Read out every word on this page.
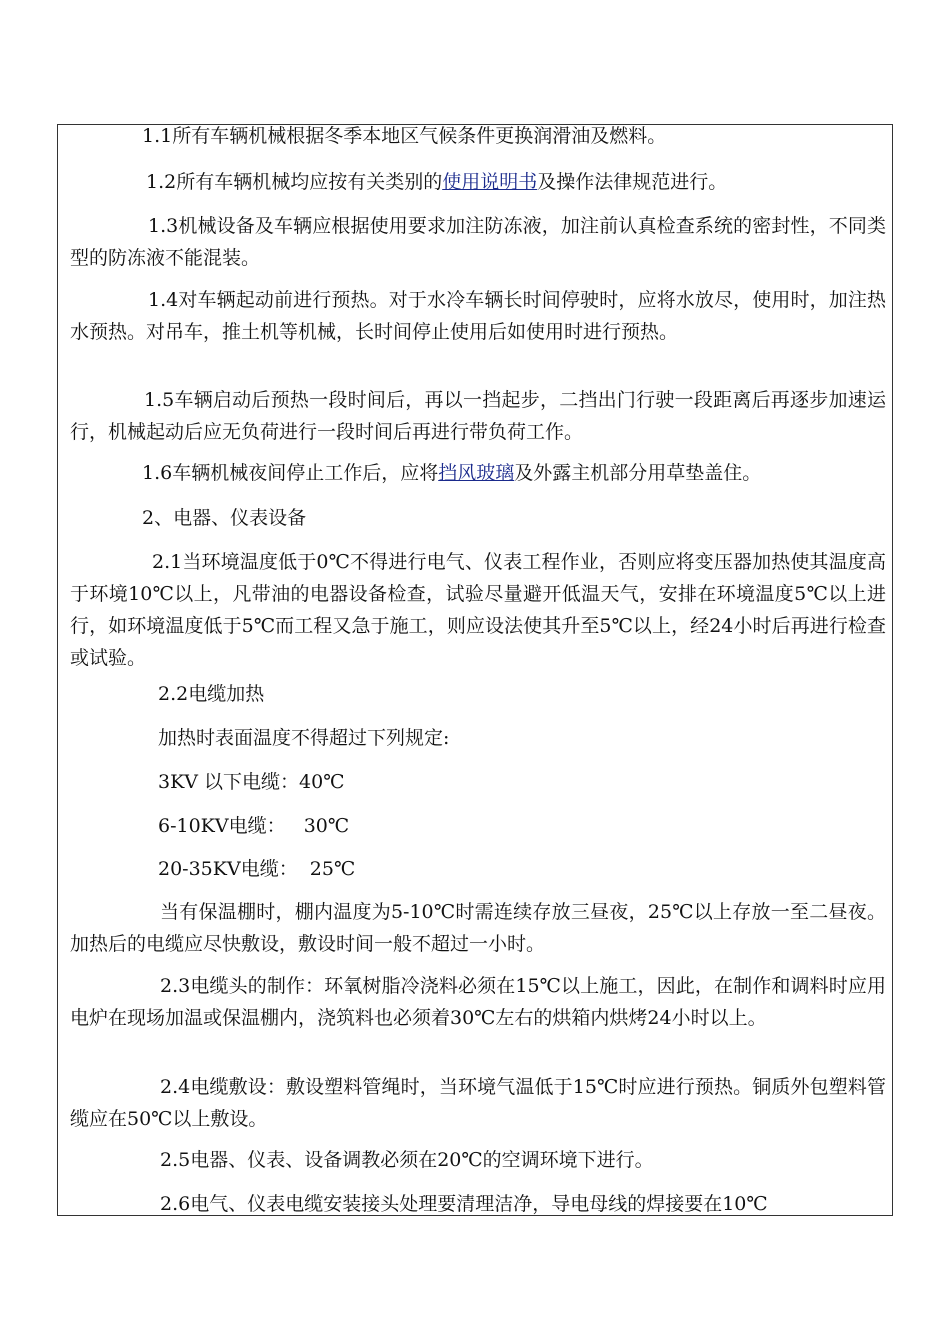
1.1所有车辆机械根据冬季本地区气候条件更换润滑油及燃料。

1.2所有车辆机械均应按有关类别的使用说明书及操作法律规范进行。

1.3机械设备及车辆应根据使用要求加注防冻液，加注前认真检查系统的密封性，不同类型的防冻液不能混装。

1.4对车辆起动前进行预热。对于水冷车辆长时间停驶时，应将水放尽，使用时，加注热水预热。对吊车，推土机等机械，长时间停止使用后如使用时进行预热。

1.5车辆启动后预热一段时间后，再以一挡起步，二挡出门行驶一段距离后再逐步加速运行，机械起动后应无负荷进行一段时间后再进行带负荷工作。

1.6车辆机械夜间停止工作后，应将挡风玻璃及外露主机部分用草垫盖住。

2、电器、仪表设备

2.1当环境温度低于0℃不得进行电气、仪表工程作业，否则应将变压器加热使其温度高于环境10℃以上，凡带油的电器设备检查，试验尽量避开低温天气，安排在环境温度5℃以上进行，如环境温度低于5℃而工程又急于施工，则应设法使其升至5℃以上，经24小时后再进行检查或试验。

2.2电缆加热

加热时表面温度不得超过下列规定:

3KV 以下电缆：40℃

6-10KV电缆：   30℃

20-35KV电缆：  25℃

当有保温棚时，棚内温度为5-10℃时需连续存放三昼夜，25℃以上存放一至二昼夜。加热后的电缆应尽快敷设，敷设时间一般不超过一小时。

2.3电缆头的制作：环氧树脂冷浇料必须在15℃以上施工，因此，在制作和调料时应用电炉在现场加温或保温棚内，浇筑料也必须着30℃左右的烘箱内烘烤24小时以上。

2.4电缆敷设：敷设塑料管绳时，当环境气温低于15℃时应进行预热。铜质外包塑料管缆应在50℃以上敷设。

2.5电器、仪表、设备调教必须在20℃的空调环境下进行。

2.6电气、仪表电缆安装接头处理要清理洁净，导电母线的焊接要在10℃
